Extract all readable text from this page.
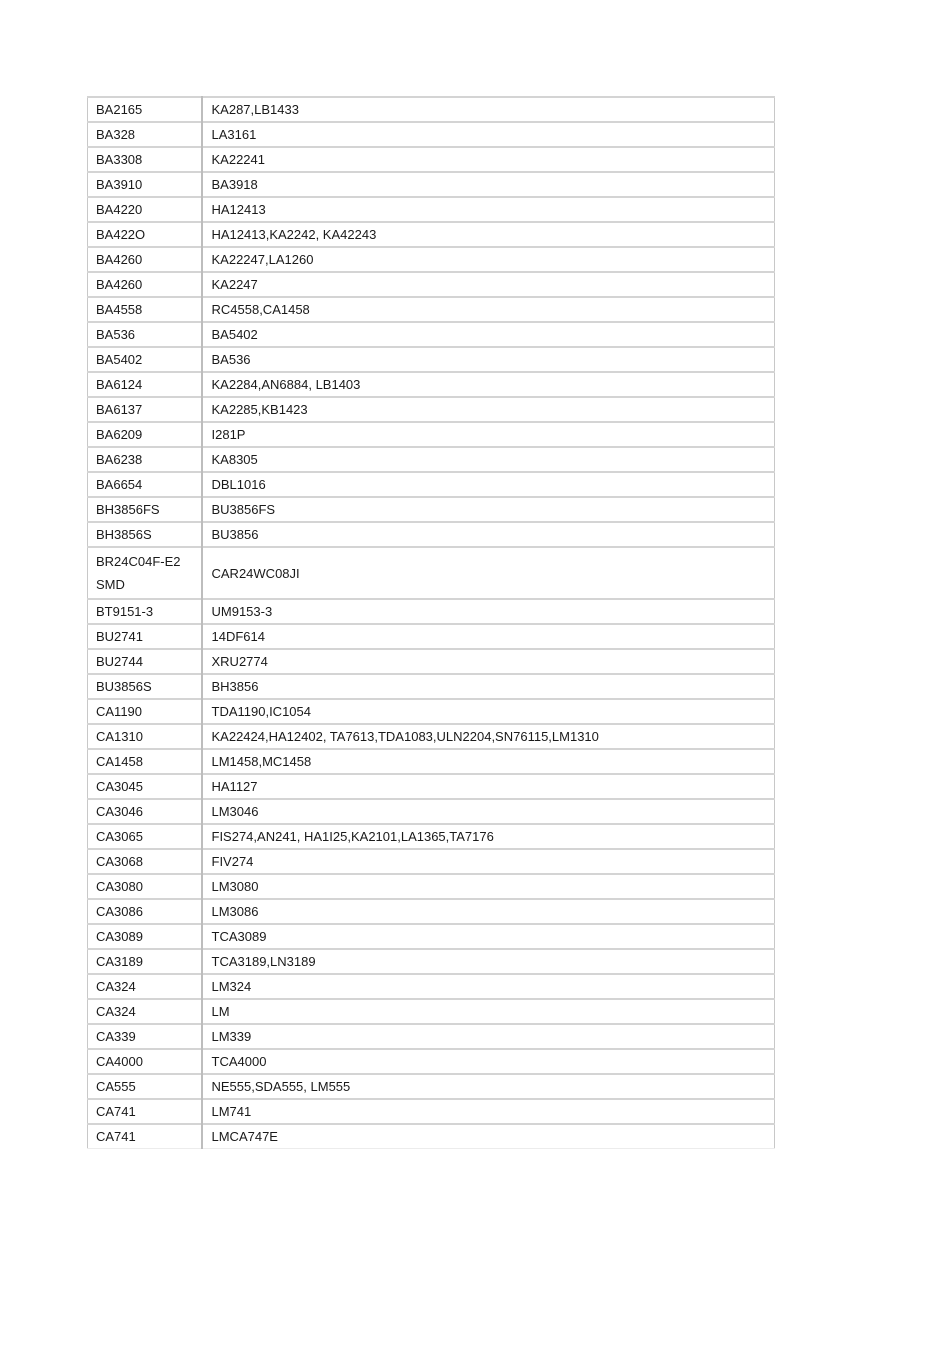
BA2165	KA287,LB1433
BA328	LA3161
BA3308	KA22241
BA3910	BA3918
BA4220	HA12413
BA422O	HA12413,KA2242, KA42243
BA4260	KA22247,LA1260
BA4260	KA2247
BA4558	RC4558,CA1458
BA536	BA5402
BA5402	BA536
BA6124	KA2284,AN6884, LB1403
BA6137	KA2285,KB1423
BA6209	I281P
BA6238	KA8305
BA6654	DBL1016
BH3856FS	BU3856FS
BH3856S	BU3856
BR24C04F-E2 SMD	CAR24WC08JI
BT9151-3	UM9153-3
BU2741	14DF614
BU2744	XRU2774
BU3856S	BH3856
CA1190	TDA1190,IC1054
CA1310	KA22424,HA12402, TA7613,TDA1083,ULN2204,SN76115,LM1310
CA1458	LM1458,MC1458
CA3045	HA1127
CA3046	LM3046
CA3065	FIS274,AN241, HA1I25,KA2101,LA1365,TA7176
CA3068	FIV274
CA3080	LM3080
CA3086	LM3086
CA3089	TCA3089
CA3189	TCA3189,LN3189
CA324	LM324
CA324	LM
CA339	LM339
CA4000	TCA4000
CA555	NE555,SDA555, LM555
CA741	LM741
CA741	LMCA747E
